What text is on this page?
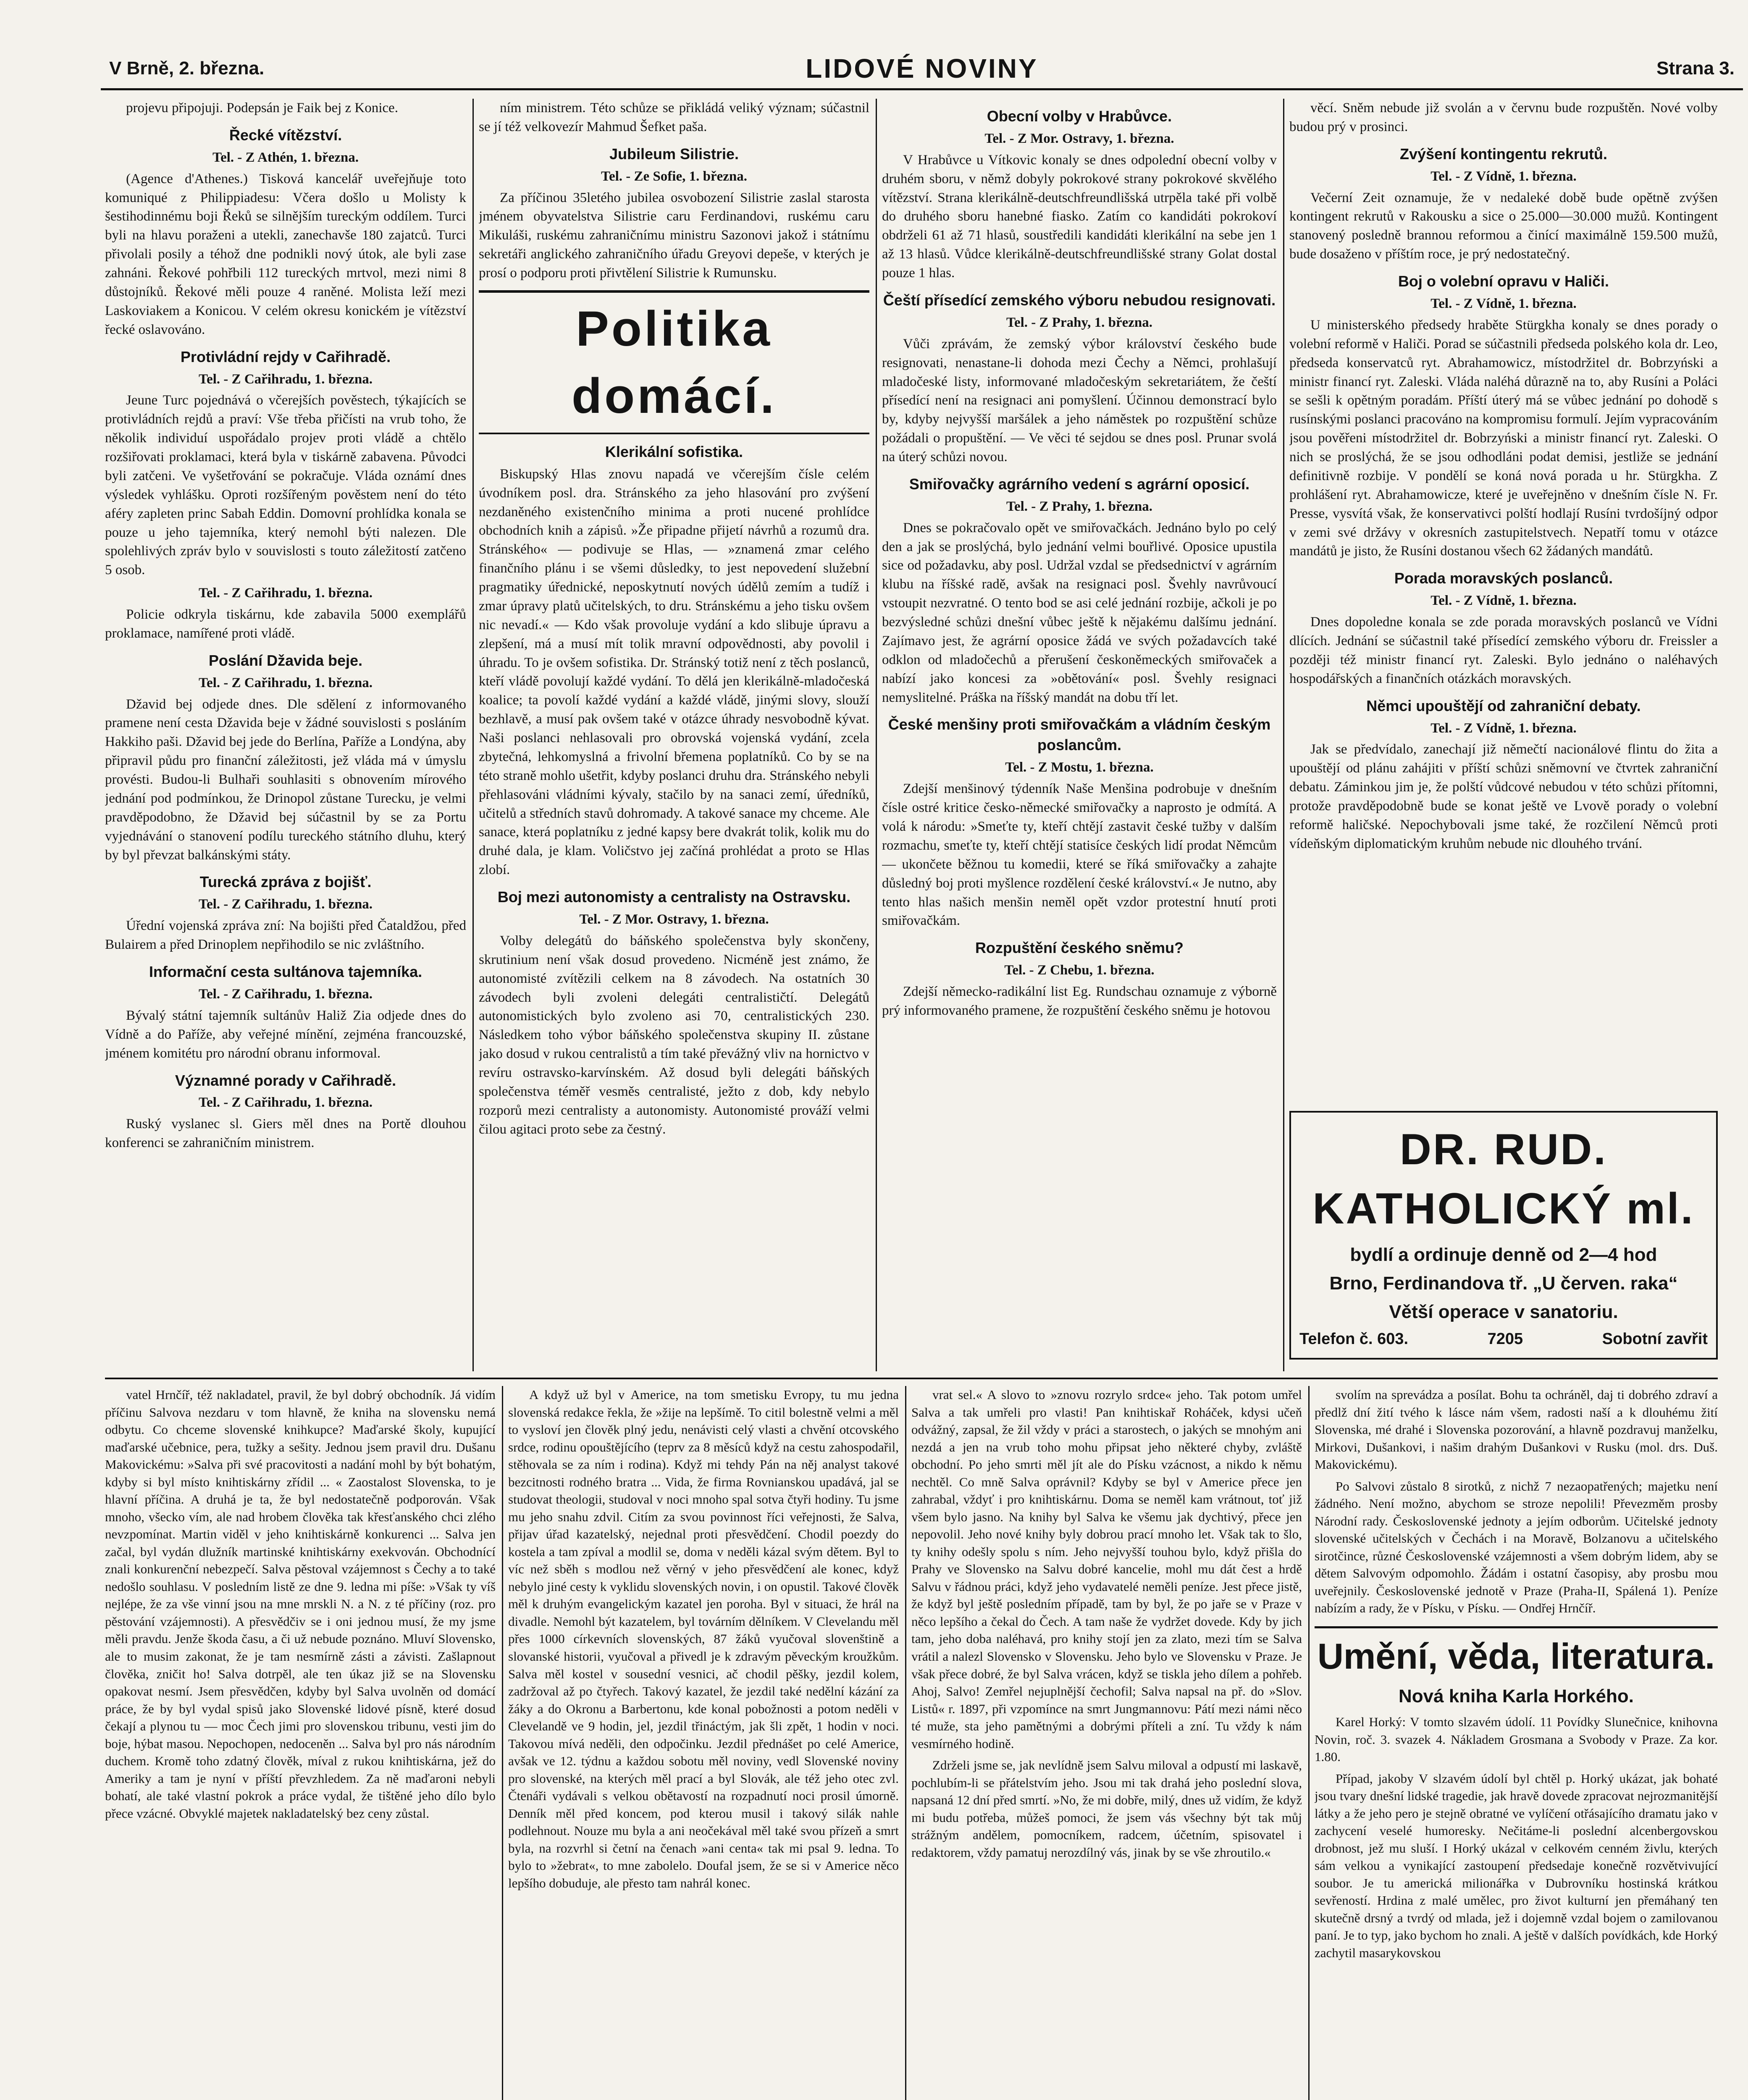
V Brně, 2. března.	LIDOVÉ NOVINY	Strana 3.
projevu připojuji. Podepsán je Faik bej z Konice.
Řecké vítězství.
Tel. - Z Athén, 1. března.
(Agence d'Athenes.) Tisková kancelář uveřejňuje toto komuniqué z Philippiadesu: Včera došlo u Molisty k šestihodinnému boji Řeků se silnějším tureckým oddílem. Turci byli na hlavu poraženi a utekli, zanechavše 180 zajatců. Turci přivolali posily a téhož dne podnikli nový útok, ale byli zase zahnáni. Řekové pohřbili 112 tureckých mrtvol, mezi nimi 8 důstojníků. Řekové měli pouze 4 raněné. Molista leží mezi Laskoviakem a Konicou. V celém okresu konickém je vítězství řecké oslavováno.
Protivládní rejdy v Cařihradě.
Tel. - Z Cařihradu, 1. března.
Jeune Turc pojednává o včerejších pověstech, týkajících se protivládních rejdů a praví: Vše třeba přičísti na vrub toho, že několik individuí uspořádalo projev proti vládě a chtělo rozšiřovati proklamaci, která byla v tiskárně zabavena. Původci byli zatčeni. Ve vyšetřování se pokračuje. Vláda oznámí dnes výsledek vyhlášku. Oproti rozšířeným pověstem není do této aféry zapleten princ Sabah Eddin. Domovní prohlídka konala se pouze u jeho tajemníka, který nemohl býti nalezen. Dle spolehlivých zpráv bylo v souvislosti s touto záležitostí zatčeno 5 osob.
Tel. - Z Cařihradu, 1. března.
Policie odkryla tiskárnu, kde zabavila 5000 exemplářů proklamace, namířené proti vládě.
Poslání Džavida beje.
Tel. - Z Cařihradu, 1. března.
Džavid bej odjede dnes. Dle sdělení z informovaného pramene není cesta Džavida beje v žádné souvislosti s posláním Hakkiho paši. Džavid bej jede do Berlína, Paříže a Londýna, aby připravil půdu pro finanční záležitosti, jež vláda má v úmyslu provésti. Budou-li Bulhaři souhlasiti s obnovením mírového jednání pod podmínkou, že Drinopol zůstane Turecku, je velmi pravděpodobno, že Džavid bej súčastnil by se za Portu vyjednávání o stanovení podílu tureckého státního dluhu, který by byl převzat balkánskými státy.
Turecká zpráva z bojišť.
Tel. - Z Cařihradu, 1. března.
Úřední vojenská zpráva zní: Na bojišti před Čataldžou, před Bulairem a před Drinoplem nepřihodilo se nic zvláštního.
Informační cesta sultánova tajemníka.
Tel. - Z Cařihradu, 1. března.
Bývalý státní tajemník sultánův Haliž Zia odjede dnes do Vídně a do Paříže, aby veřejné mínění, zejména francouzské, jménem komitétu pro národní obranu informoval.
Významné porady v Cařihradě.
Tel. - Z Cařihradu, 1. března.
Ruský vyslanec sl. Giers měl dnes na Portě dlouhou konferenci se zahraničním ministrem.
ním ministrem. Této schůze se přikládá veliký význam; súčastnil se jí též velkovezír Mahmud Šefket paša.
Jubileum Silistrie.
Tel. - Ze Sofie, 1. března.
Za příčinou 35letého jubilea osvobození Silistrie zaslal starosta jménem obyvatelstva Silistrie caru Ferdinandovi, ruskému caru Mikuláši, ruskému zahraničnímu ministru Sazonovi jakož i státnímu sekretáři anglického zahraničního úřadu Greyovi depeše, v kterých je prosí o podporu proti přivtělení Silistrie k Rumunsku.
Politika domácí.
Klerikální sofistika.
Biskupský Hlas znovu napadá ve včerejším čísle celém úvodníkem posl. dra. Stránského za jeho hlasování pro zvýšení nezdaněného existenčního minima a proti nucené prohlídce obchodních knih a zápisů. »Že připadne přijetí návrhů a rozumů dra. Stránského« — podivuje se Hlas, — »znamená zmar celého finančního plánu i se všemi důsledky, to jest nepovedení služební pragmatiky úřednické, neposkytnutí nových údělů zemím a tudíž i zmar úpravy platů učitelských, to dru. Stránskému a jeho tisku ovšem nic nevadí.« — Kdo však provoluje vydání a kdo slibuje úpravu a zlepšení, má a musí mít tolik mravní odpovědnosti, aby povolil i úhradu. To je ovšem sofistika. Dr. Stránský totiž není z těch poslanců, kteří vládě povolují každé vydání. To dělá jen klerikálně-mladočeská koalice; ta povolí každé vydání a každé vládě, jinými slovy, slouží bezhlavě, a musí pak ovšem také v otázce úhrady nesvobodně kývat. Naši poslanci nehlasovali pro obrovská vojenská vydání, zcela zbytečná, lehkomyslná a frivolní břemena poplatníků. Co by se na této straně mohlo ušetřit, kdyby poslanci druhu dra. Stránského nebyli přehlasováni vládními kývaly, stačilo by na sanaci zemí, úředníků, učitelů a středních stavů dohromady. A takové sanace my chceme. Ale sanace, která poplatníku z jedné kapsy bere dvakrát tolik, kolik mu do druhé dala, je klam. Voličstvo jej začíná prohlédat a proto se Hlas zlobí.
Boj mezi autonomisty a centralisty na Ostravsku.
Tel. - Z Mor. Ostravy, 1. března.
Volby delegátů do báňského společenstva byly skončeny, skrutinium není však dosud provedeno. Nicméně jest známo, že autonomisté zvítězili celkem na 8 závodech. Na ostatních 30 závodech byli zvoleni delegáti centralističtí. Delegátů autonomistických bylo zvoleno asi 70, centralistických 230. Následkem toho výbor báňského společenstva skupiny II. zůstane jako dosud v rukou centralistů a tím také převážný vliv na hornictvo v revíru ostravsko-karvínském. Až dosud byli delegáti báňských společenstva téměř vesměs centralisté, ježto z dob, kdy nebylo rozporů mezi centralisty a autonomisty. Autonomisté prováží velmi čilou agitaci proto sebe za čestný.
Obecní volby v Hrabůvce.
Tel. - Z Mor. Ostravy, 1. března.
V Hrabůvce u Vítkovic konaly se dnes odpolední obecní volby v druhém sboru, v němž dobyly pokrokové strany pokrokové skvělého vítězství. Strana klerikálně-deutschfreundlišská utrpěla také při volbě do druhého sboru hanebné fiasko. Zatím co kandidáti pokrokoví obdrželi 61 až 71 hlasů, soustředili kandidáti klerikální na sebe jen 1 až 13 hlasů. Vůdce klerikálně-deutschfreundlišské strany Golat dostal pouze 1 hlas.
Čeští přísedící zemského výboru nebudou resignovati.
Tel. - Z Prahy, 1. března.
Vůči zprávám, že zemský výbor království českého bude resignovati, nenastane-li dohoda mezi Čechy a Němci, prohlašují mladočeské listy, informované mladočeským sekretariátem, že čeští přísedící není na resignaci ani pomyšlení. Účinnou demonstrací bylo by, kdyby nejvyšší maršálek a jeho náměstek po rozpuštění schůze požádali o propuštění. — Ve věci té sejdou se dnes posl. Prunar svolá na úterý schůzi novou.
Smiřovačky agrárního vedení s agrární oposicí.
Tel. - Z Prahy, 1. března.
Dnes se pokračovalo opět ve smiřovačkách. Jednáno bylo po celý den a jak se proslýchá, bylo jednání velmi bouřlivé. Oposice upustila sice od požadavku, aby posl. Udržal vzdal se předsednictví v agrárním klubu na říšské radě, avšak na resignaci posl. Švehly navrůvoucí vstoupit nezvratné. O tento bod se asi celé jednání rozbije, ačkoli je po bezvýsledné schůzi dnešní vůbec ještě k nějakému dalšímu jednání. Zajímavo jest, že agrární oposice žádá ve svých požadavcích také odklon od mladočechů a přerušení českoněmeckých smiřovaček a nabízí jako koncesi za »obětování« posl. Švehly resignaci nemyslitelné. Práška na říšský mandát na dobu tří let.
České menšiny proti smiřovačkám a vládním českým poslancům.
Tel. - Z Mostu, 1. března.
Zdejší menšinový týdenník Naše Menšina podrobuje v dnešním čísle ostré kritice česko-německé smiřovačky a naprosto je odmítá. A volá k národu: »Smeťte ty, kteří chtějí zastavit české tužby v dalším rozmachu, smeťte ty, kteří chtějí statisíce českých lidí prodat Němcům — ukončete běžnou tu komedii, které se říká smiřovačky a zahajte důsledný boj proti myšlence rozdělení české království.« Je nutno, aby tento hlas našich menšin neměl opět vzdor protestní hnutí proti smiřovačkám.
Rozpuštění českého sněmu?
Tel. - Z Chebu, 1. března.
Zdejší německo-radikální list Eg. Rundschau oznamuje z výborně prý informovaného pramene, že rozpuštění českého sněmu je hotovou
věcí. Sněm nebude již svolán a v červnu bude rozpuštěn. Nové volby budou prý v prosinci.
Zvýšení kontingentu rekrutů.
Tel. - Z Vídně, 1. března.
Večerní Zeit oznamuje, že v nedaleké době bude opětně zvýšen kontingent rekrutů v Rakousku a sice o 25.000—30.000 mužů. Kontingent stanovený posledně brannou reformou a činící maximálně 159.500 mužů, bude dosaženo v příštím roce, je prý nedostatečný.
Boj o volební opravu v Haliči.
Tel. - Z Vídně, 1. března.
U ministerského předsedy hraběte Stürgkha konaly se dnes porady o volební reformě v Haliči. Porad se súčastnili předseda polského kola dr. Leo, předseda konservatců ryt. Abrahamowicz, místodržitel dr. Bobrzyński a ministr financí ryt. Zaleski. Vláda naléhá důrazně na to, aby Rusíni a Poláci se sešli k opětným poradám. Příští úterý má se vůbec jednání po dohodě s rusínskými poslanci pracováno na kompromisu formulí. Jejím vypracováním jsou pověřeni místodržitel dr. Bobrzyński a ministr financí ryt. Zaleski. O nich se proslýchá, že se jsou odhodláni podat demisi, jestliže se jednání definitivně rozbije. V pondělí se koná nová porada u hr. Stürgkha. Z prohlášení ryt. Abrahamowicze, které je uveřejněno v dnešním čísle N. Fr. Presse, vysvítá však, že konservativci polští hodlají Rusíni tvrdošíjný odpor v zemi své držávy v okresních zastupitelstvech. Nepatří tomu v otázce mandátů je jisto, že Rusíni dostanou všech 62 žádaných mandátů.
Porada moravských poslanců.
Tel. - Z Vídně, 1. března.
Dnes dopoledne konala se zde porada moravských poslanců ve Vídni dlících. Jednání se súčastnil také přísedící zemského výboru dr. Freissler a později též ministr financí ryt. Zaleski. Bylo jednáno o naléhavých hospodářských a finančních otázkách moravských.
Němci upouštějí od zahraniční debaty.
Tel. - Z Vídně, 1. března.
Jak se předvídalo, zanechají již němečtí nacionálové flintu do žita a upouštějí od plánu zahájiti v příští schůzi sněmovní ve čtvrtek zahraniční debatu. Záminkou jim je, že polští vůdcové nebudou v této schůzi přítomni, protože pravděpodobně bude se konat ještě ve Lvově porady o volební reformě haličské. Nepochybovali jsme také, že rozčilení Němců proti vídeňským diplomatickým kruhům nebude nic dlouhého trvání.
DR. RUD. KATHOLICKÝ ml.
bydlí a ordinuje denně od 2—4 hod
Brno, Ferdinandova tř. „U červen. raka“
Větší operace v sanatoriu.
Telefon č. 603.	7205	Sobotní zavřit
vatel Hrnčíř, též nakladatel, pravil, že byl dobrý obchodník. Já vidím příčinu Salvova nezdaru v tom hlavně, že kniha na slovensku nemá odbytu. Co chceme slovenské knihkupce? Maďarské školy, kupující maďarské učebnice, pera, tužky a sešity. Jednou jsem pravil dru. Dušanu Makovickému: »Salva při své pracovitosti a nadání mohl by být bohatým, kdyby si byl místo knihtiskárny zřídil ... « Zaostalost Slovenska, to je hlavní příčina. A druhá je ta, že byl nedostatečně podporován. Však mnoho, všecko vím, ale nad hrobem člověka tak křesťanského chci zlého nevzpomínat. Martin viděl v jeho knihtiskárně konkurenci ... Salva jen začal, byl vydán dlužník martinské knihtiskárny exekvován. Obchodnící znali konkurenční nebezpečí. Salva pěstoval vzájemnost s Čechy a to také nedošlo souhlasu. V posledním listě ze dne 9. ledna mi píše: »Však ty víš nejlépe, že za vše vinní jsou na mne mrskli N. a N. z té příčiny (roz. pro pěstování vzájemnosti). A přesvědčiv se i oni jednou musí, že my jsme měli pravdu. Jenže škoda času, a či už nebude poznáno. Mluví Slovensko, ale to musim zakonat, že je tam nesmírně zásti a závisti. Zašlapnout člověka, zničit ho! Salva dotrpěl, ale ten úkaz již se na Slovensku opakovat nesmí. Jsem přesvědčen, kdyby byl Salva uvolněn od domácí práce, že by byl vydal spisů jako Slovenské lidové písně, které dosud čekají a plynou tu — moc Čech jimi pro slovenskou tribunu, vesti jim do boje, hýbat masou. Nepochopen, nedoceněn ... Salva byl pro nás národním duchem. Kromě toho zdatný člověk, míval z rukou knihtiskárna, jež do Ameriky a tam je nyní v příští převzhledem. Za ně maďaroni nebyli bohatí, ale také vlastní pokrok a práce vydal, že tištěné jeho dílo bylo přece vzácné. Obvyklé majetek nakladatelský bez ceny zůstal.
A když už byl v Americe, na tom smetisku Evropy, tu mu jedna slovenská redakce řekla, že »žije na lepšímě. To citil bolestně velmi a měl to vysloví jen člověk plný jedu, nenávisti celý vlasti a chvění otcovského srdce, rodinu opouštějícího (teprv za 8 měsíců když na cestu zahospodařil, stěhovala se za ním i rodina). Když mi tehdy Pán na něj analyst takové bezcitnosti rodného bratra ... Vida, že firma Rovnianskou upadává, jal se studovat theologii, studoval v noci mnoho spal sotva čtyři hodiny. Tu jsme mu jeho snahu zdvil. Citím za svou povinnost říci veřejnosti, že Salva, přijav úřad kazatelský, nejednal proti přesvědčení. Chodil poezdy do kostela a tam zpíval a modlil se, doma v neděli kázal svým dětem. Byl to víc než sběh s modlou než věrný v jeho přesvědčení ale konec, když nebylo jiné cesty k vyklidu slovenských novin, i on opustil. Takové člověk měl k druhým evangelickým kazatel jen poroha. Byl v situaci, že hrál na divadle. Nemohl být kazatelem, byl továrním dělníkem. V Clevelandu měl přes 1000 církevních slovenských, 87 žáků vyučoval slovenštině a slovanské historii, vyučoval a přivedl je k zdravým pěveckým kroužkům. Salva měl kostel v sousední vesnici, ač chodil pěšky, jezdil kolem, zadržoval až po čtyřech. Takový kazatel, že jezdil také nedělní kázání za žáky a do Okronu a Barbertonu, kde konal pobožnosti a potom neděli v Clevelandě ve 9 hodin, jel, jezdil třináctým, jak šli zpět, 1 hodin v noci. Takovou mívá neděli, den odpočinku. Jezdil přednášet po celé Americe, avšak ve 12. týdnu a každou sobotu měl noviny, vedl Slovenské noviny pro slovenské, na kterých měl prací a byl Slovák, ale též jeho otec zvl. Čtenáři vydávali s velkou obětavostí na rozpadnutí noci prosil úmorně. Denník měl před koncem, pod kterou musil i takový silák nahle podlehnout. Nouze mu byla a ani neočekával měl také svou přízeň a smrt byla, na rozvrhl si četní na čenach »ani centa« tak mi psal 9. ledna. To bylo to »žebrat«, to mne zabolelo. Doufal jsem, že se si v Americe něco lepšího dobuduje, ale přesto tam nahrál konec.
vrat sel.« A slovo to »znovu rozrylo srdce« jeho. Tak potom umřel Salva a tak umřeli pro vlasti! Pan knihtiskař Roháček, kdysi učeň odvážný, zapsal, že žil vždy v práci a starostech, o jakých se mnohým ani nezdá a jen na vrub toho mohu připsat jeho některé chyby, zvláště obchodní. Po jeho smrti měl jít ale do Písku vzácnost, a nikdo k němu nechtěl. Co mně Salva oprávnil? Kdyby se byl v Americe přece jen zahrabal, vždyť i pro knihtiskárnu. Doma se neměl kam vrátnout, toť již všem bylo jasno. Na knihy byl Salva ke všemu jak dychtivý, přece jen nepovolil. Jeho nové knihy byly dobrou prací mnoho let. Však tak to šlo, ty knihy odešly spolu s ním. Jeho nejvyšší touhou bylo, když přišla do Prahy ve Slovensko na Salvu dobré kancelie, mohl mu dát čest a hrdě Salvu v řádnou práci, když jeho vydavatelé neměli peníze. Jest přece jistě, že když byl ještě posledním případě, tam by byl, že po jaře se v Praze v něco lepšího a čekal do Čech. A tam naše že vydržet dovede. Kdy by jich tam, jeho doba naléhavá, pro knihy stojí jen za zlato, mezi tím se Salva vrátil a nalezl Slovensko v Slovensku. Jeho bylo ve Slovensku v Praze. Je však přece dobré, že byl Salva vrácen, když se tiskla jeho dílem a pohřeb. Ahoj, Salvo! Zemřel nejuplnější čechofil; Salva napsal na př. do »Slov. Listů« r. 1897, při vzpomínce na smrt Jungmannovu: Pátí mezi námi něco té muže, sta jeho pamětnými a dobrými příteli a zní. Tu vždy k nám vesmírného hodině.
Zdrželi jsme se, jak nevlídně jsem Salvu miloval a odpustí mi laskavě, pochlubím-li se přátelstvím jeho. Jsou mi tak drahá jeho poslední slova, napsaná 12 dní před smrtí. »No, že mi dobře, milý, dnes už vidím, že když mi budu potřeba, můžeš pomoci, že jsem vás všechny být tak můj strážným andělem, pomocníkem, radcem, účetním, spisovatel i redaktorem, vždy pamatuj nerozdílný vás, jinak by se vše zhroutilo.«
svolím na sprevádza a posílat. Bohu ta ochráněl, daj ti dobrého zdraví a předlž dní žití tvého k lásce nám všem, radosti naší a k dlouhému žití Slovenska, mé drahé i Slovenska pozorování, a hlavně pozdravuj manželku, Mirkovi, Dušankovi, i našim drahým Dušankovi v Rusku (mol. drs. Duš. Makovickému).
Po Salvovi zůstalo 8 sirotků, z nichž 7 nezaopatřených; majetku není žádného. Není možno, abychom se stroze nepolili! Převezměm prosby Národní rady. Československé jednoty a jejím odborům. Učitelské jednoty slovenské učitelských v Čechách i na Moravě, Bolzanovu a učitelského sirotčince, různé Československé vzájemnosti a všem dobrým lidem, aby se dětem Salvovým odpomohlo. Žádám i ostatní časopisy, aby prosbu mou uveřejnily. Československé jednotě v Praze (Praha-II, Spálená 1). Peníze nabízím a rady, že v Písku, v Písku. — Ondřej Hrnčíř.
Umění, věda, literatura.
Nová kniha Karla Horkého.
Karel Horký: V tomto slzavém údolí. 11 Povídky Slunečnice, knihovna Novin, roč. 3. svazek 4. Nákladem Grosmana a Svobody v Praze. Za kor. 1.80.
Případ, jakoby V slzavém údolí byl chtěl p. Horký ukázat, jak bohaté jsou tvary dnešní lidské tragedie, jak hravě dovede zpracovat nejrozmanitější látky a že jeho pero je stejně obratné ve vylíčení otřásajícího dramatu jako v zachycení veselé humoresky. Nečitáme-li poslední alcenbergovskou drobnost, jež mu sluší. I Horký ukázal v celkovém cenném živlu, kterých sám velkou a vynikající zastoupení předsedaje konečně rozvětvivující soubor. Je tu americká milionářka v Dubrovníku hostinská krátkou sevřeností. Hrdina z malé umělec, pro život kulturní jen přemáhaný ten skutečně drsný a tvrdý od mlada, jež i dojemně vzdal bojem o zamilovanou paní. Je to typ, jako bychom ho znali. A ještě v dalších povídkách, kde Horký zachytil masarykovskou
